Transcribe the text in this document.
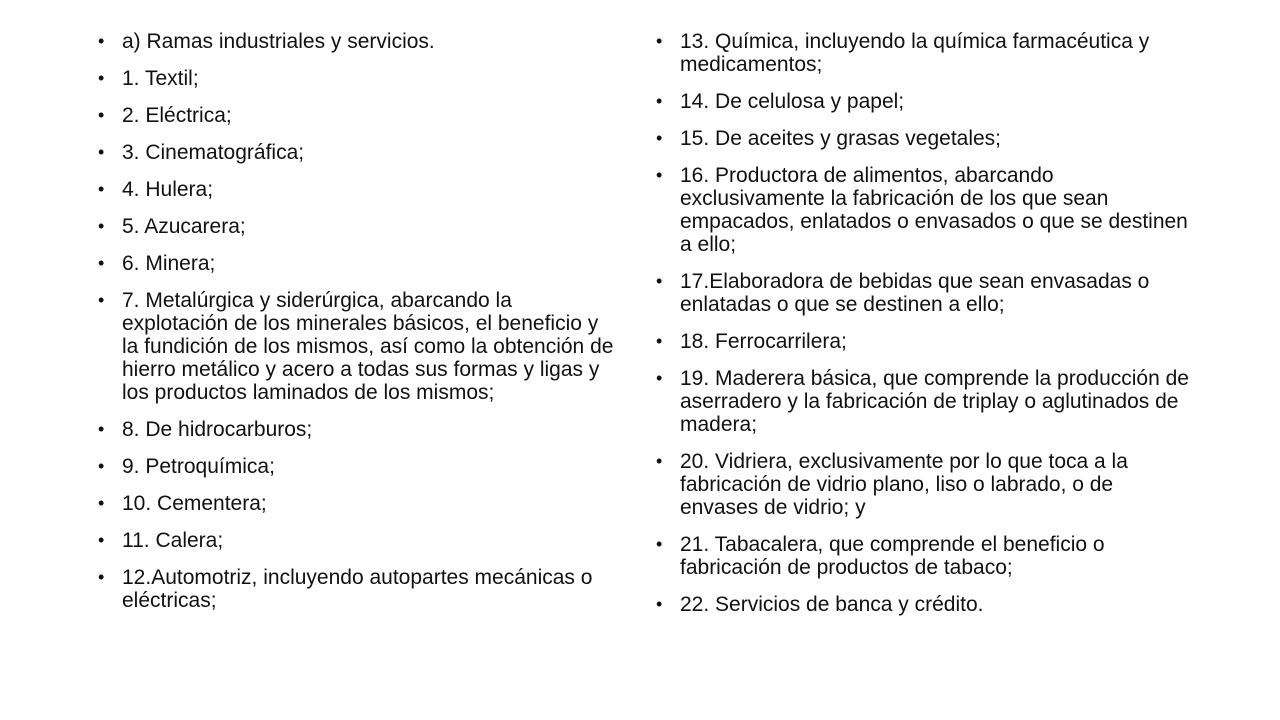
• a) Ramas industriales y servicios.
• 1. Textil;
• 2. Eléctrica;
• 3. Cinematográfica;
• 4. Hulera;
• 5. Azucarera;
• 6. Minera;
• 7. Metalúrgica y siderúrgica, abarcando la explotación de los minerales básicos, el beneficio y la fundición de los mismos, así como la obtención de hierro metálico y acero a todas sus formas y ligas y los productos laminados de los mismos;
• 8. De hidrocarburos;
• 9. Petroquímica;
• 10. Cementera;
• 11. Calera;
• 12.Automotriz, incluyendo autopartes mecánicas o eléctricas;
• 13. Química, incluyendo la química farmacéutica y medicamentos;
• 14. De celulosa y papel;
• 15. De aceites y grasas vegetales;
• 16. Productora de alimentos, abarcando exclusivamente la fabricación de los que sean empacados, enlatados o envasados o que se destinen a ello;
• 17.Elaboradora de bebidas que sean envasadas o enlatadas o que se destinen a ello;
• 18. Ferrocarrilera;
• 19. Maderera básica, que comprende la producción de aserradero y la fabricación de triplay o aglutinados de madera;
• 20. Vidriera, exclusivamente por lo que toca a la fabricación de vidrio plano, liso o labrado, o de envases de vidrio; y
• 21. Tabacalera, que comprende el beneficio o fabricación de productos de tabaco;
• 22. Servicios de banca y crédito.
